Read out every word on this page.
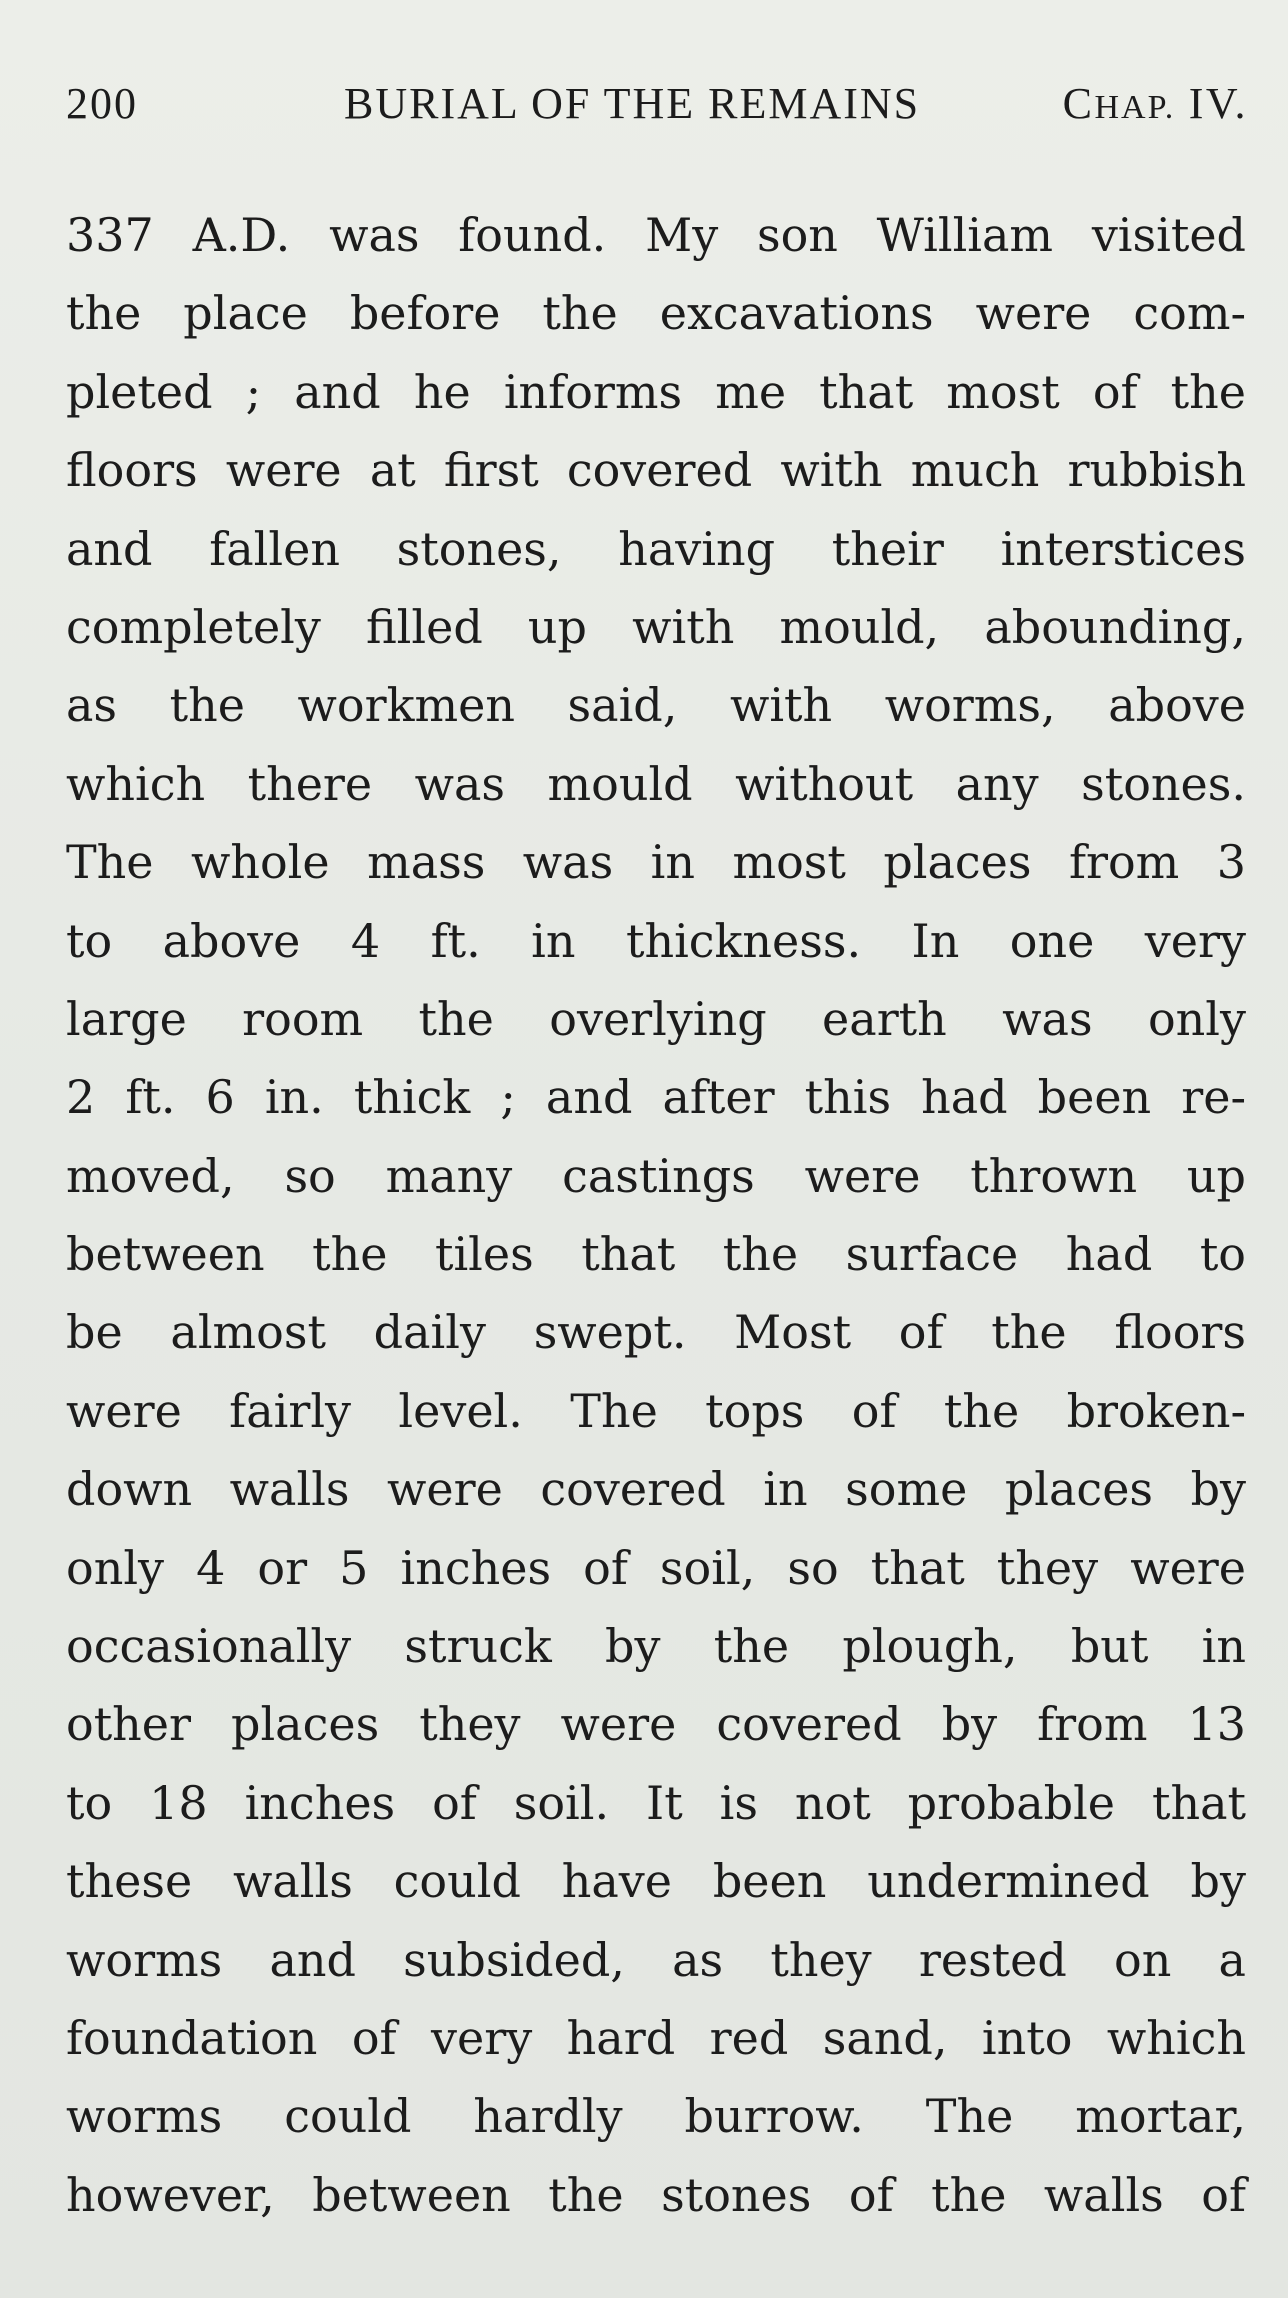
200	BURIAL OF THE REMAINS	CHAP. IV.
337 A.D. was found. My son William visited
the place before the excavations were com-
pleted ; and he informs me that most of the
floors were at first covered with much rubbish
and fallen stones, having their interstices
completely filled up with mould, abounding,
as the workmen said, with worms, above
which there was mould without any stones.
The whole mass was in most places from 3
to above 4 ft. in thickness. In one very
large room the overlying earth was only
2 ft. 6 in. thick ; and after this had been re-
moved, so many castings were thrown up
between the tiles that the surface had to
be almost daily swept. Most of the floors
were fairly level. The tops of the broken-
down walls were covered in some places by
only 4 or 5 inches of soil, so that they were
occasionally struck by the plough, but in
other places they were covered by from 13
to 18 inches of soil. It is not probable that
these walls could have been undermined by
worms and subsided, as they rested on a
foundation of very hard red sand, into which
worms could hardly burrow. The mortar,
however, between the stones of the walls of
